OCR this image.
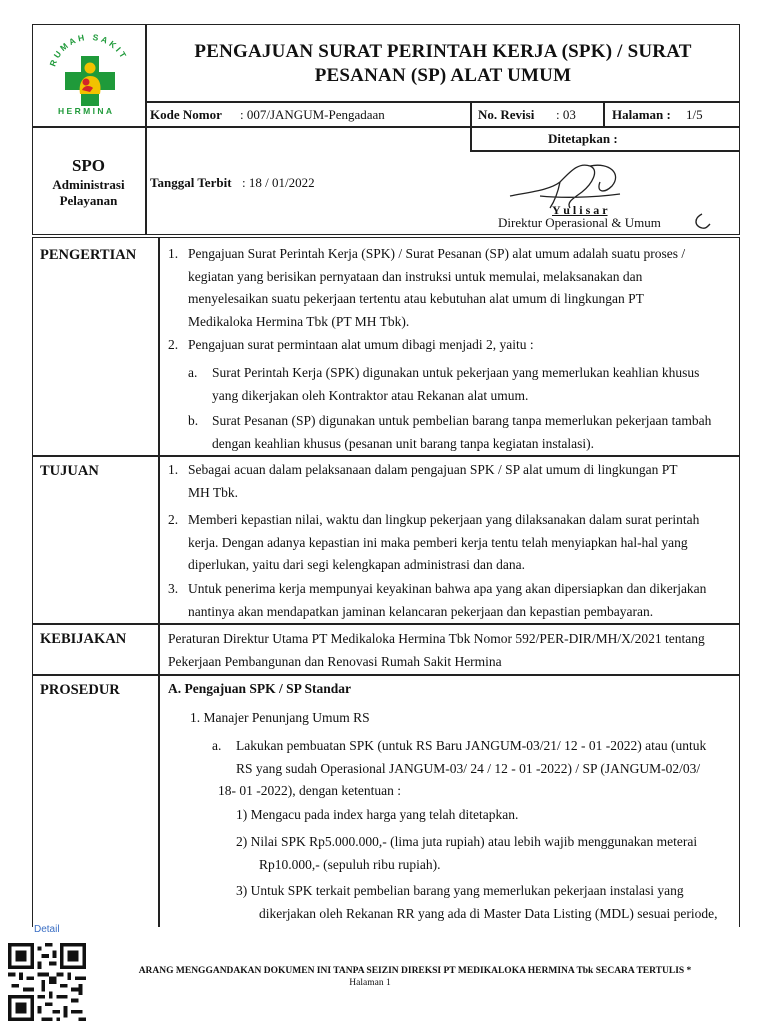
RUMAH SAKIT
HERMINA
PENGAJUAN SURAT PERINTAH KERJA (SPK) / SURAT
PESANAN (SP) ALAT UMUM
Kode Nomor : 007/JANGUM-Pengadaan	No. Revisi : 03	Halaman : 1/5
SPO
Administrasi
Pelayanan
Tanggal Terbit : 18 / 01/2022
Ditetapkan :
Y u l i s a r
Direktur Operasional & Umum
PENGERTIAN 1. Pengajuan Surat Perintah Kerja (SPK) / Surat Pesanan (SP) alat umum adalah suatu proses /
kegiatan yang berisikan pernyataan dan instruksi untuk memulai, melaksanakan dan
menyelesaikan suatu pekerjaan tertentu atau kebutuhan alat umum di lingkungan PT
Medikaloka Hermina Tbk (PT MH Tbk).
2. Pengajuan surat permintaan alat umum dibagi menjadi 2, yaitu :
a. Surat Perintah Kerja (SPK) digunakan untuk pekerjaan yang memerlukan keahlian khusus
yang dikerjakan oleh Kontraktor atau Rekanan alat umum.
b. Surat Pesanan (SP) digunakan untuk pembelian barang tanpa memerlukan pekerjaan tambah
dengan keahlian khusus (pesanan unit barang tanpa kegiatan instalasi).
TUJUAN	1. Sebagai acuan dalam pelaksanaan dalam pengajuan SPK / SP alat umum di lingkungan PT
MH Tbk.
2. Memberi kepastian nilai, waktu dan lingkup pekerjaan yang dilaksanakan dalam surat perintah
kerja. Dengan adanya kepastian ini maka pemberi kerja tentu telah menyiapkan hal-hal yang
diperlukan, yaitu dari segi kelengkapan administrasi dan dana.
3. Untuk penerima kerja mempunyai keyakinan bahwa apa yang akan dipersiapkan dan dikerjakan
nantinya akan mendapatkan jaminan kelancaran pekerjaan dan kepastian pembayaran.
KEBIJAKAN	Peraturan Direktur Utama PT Medikaloka Hermina Tbk Nomor 592/PER-DIR/MH/X/2021 tentang
Pekerjaan Pembangunan dan Renovasi Rumah Sakit Hermina
PROSEDUR	A. Pengajuan SPK / SP Standar
1. Manajer Penunjang Umum RS
a. Lakukan pembuatan SPK (untuk RS Baru JANGUM-03/21/ 12 - 01 -2022) atau (untuk
RS yang sudah Operasional JANGUM-03/ 24 / 12 - 01 -2022) / SP (JANGUM-02/03/
18- 01 -2022), dengan ketentuan :
1) Mengacu pada index harga yang telah ditetapkan.
2) Nilai SPK Rp5.000.000,- (lima juta rupiah) atau lebih wajib menggunakan meterai
Rp10.000,- (sepuluh ribu rupiah).
3) Untuk SPK terkait pembelian barang yang memerlukan pekerjaan instalasi yang
dikerjakan oleh Rekanan RR yang ada di Master Data Listing (MDL) sesuai periode,
Detail
ARANG MENGGANDAKAN DOKUMEN INI TANPA SEIZIN DIREKSI PT MEDIKALOKA HERMINA Tbk SECARA TERTULIS *
Halaman 1
